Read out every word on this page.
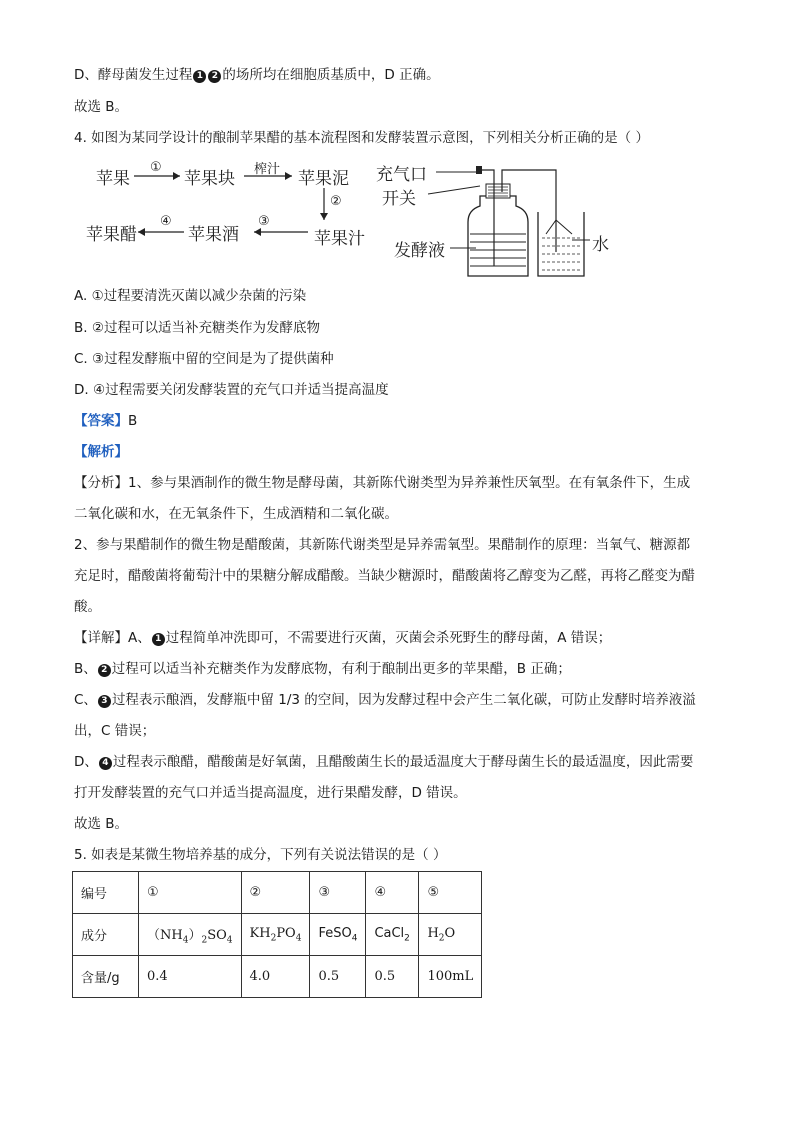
D、酵母菌发生过程 1 2 的场所均在细胞质基质中，D 正确。
故选 B。
4. 如图为某同学设计的酿制苹果醋的基本流程图和发酵装置示意图，下列相关分析正确的是（ ）
苹果
①
苹果块 榨汁 苹果泥
②
苹果汁
③
苹果酒
④
苹果醋
充气口
开关
发酵液	水
A. ①过程要清洗灭菌以减少杂菌的污染
B. ②过程可以适当补充糖类作为发酵底物
C. ③过程发酵瓶中留的空间是为了提供菌种
D. ④过程需要关闭发酵装置的充气口并适当提高温度
【答案】B
【解析】
【分析】1、参与果酒制作的微生物是酵母菌，其新陈代谢类型为异养兼性厌氧型。在有氧条件下，生成
二氧化碳和水，在无氧条件下，生成酒精和二氧化碳。
2、参与果醋制作的微生物是醋酸菌，其新陈代谢类型是异养需氧型。果醋制作的原理：当氧气、糖源都
充足时，醋酸菌将葡萄汁中的果糖分解成醋酸。当缺少糖源时，醋酸菌将乙醇变为乙醛，再将乙醛变为醋
酸。
【详解】A、 1 过程简单冲洗即可，不需要进行灭菌，灭菌会杀死野生的酵母菌，A 错误；
B、 2 过程可以适当补充糖类作为发酵底物，有利于酿制出更多的苹果醋，B 正确；
C、 3 过程表示酿酒，发酵瓶中留 1/3 的空间，因为发酵过程中会产生二氧化碳，可防止发酵时培养液溢
出，C 错误；
D、 4 过程表示酿醋，醋酸菌是好氧菌，且醋酸菌生长的最适温度大于酵母菌生长的最适温度，因此需要
打开发酵装置的充气口并适当提高温度，进行果醋发酵，D 错误。
故选 B。
5. 如表是某微生物培养基的成分，下列有关说法错误的是（ ）
编号	①	②	③	④	⑤
成分	$(NH_4)_2SO_4$	$KH_2PO_4$	FeSO$_4$	CaCl$_2$	$H_2O$
含量/g	0.4	4.0	0.5	0.5	100mL
